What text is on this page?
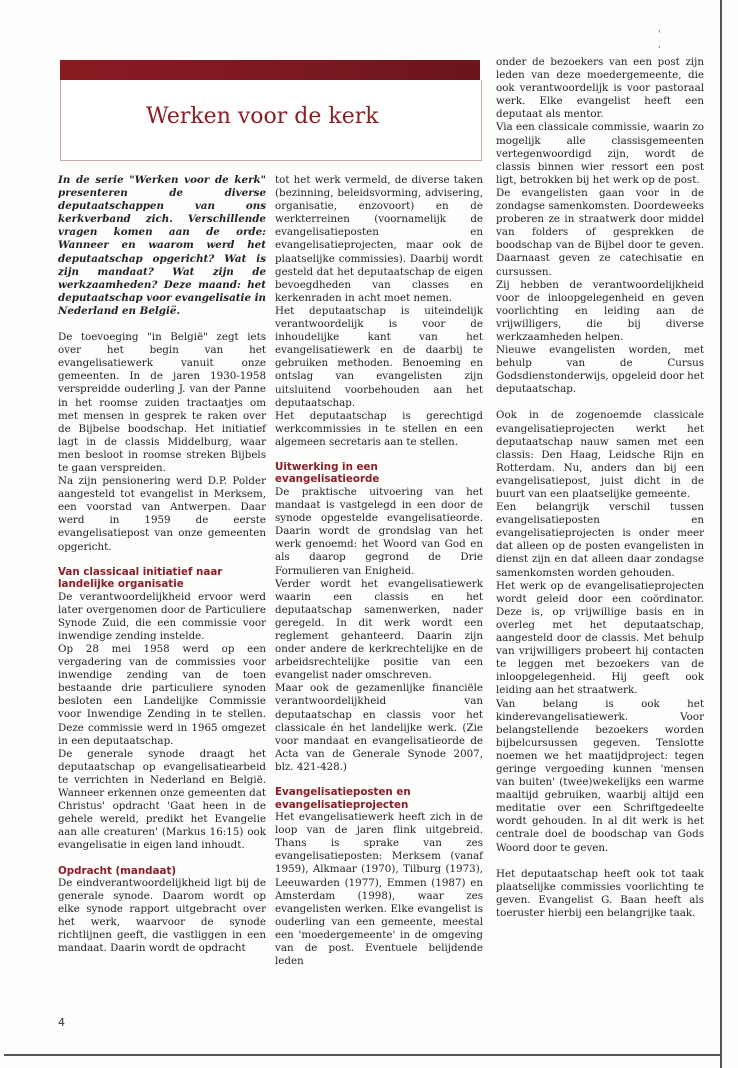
' ,
Werken voor de kerk

In de serie "Werken voor de kerk" presenteren de diverse deputaatschappen van ons kerkverband zich. Verschillende vragen komen aan de orde: Wanneer en waarom werd het deputaatschap opgericht? Wat is zijn mandaat? Wat zijn de werkzaamheden? Deze maand: het deputaatschap voor evangelisatie in Nederland en België.

De toevoeging "in België" zegt iets over het begin van het evangelisatiewerk vanuit onze gemeenten. In de jaren 1930-1958 verspreidde ouderling J. van der Panne in het roomse zuiden tractaatjes om met mensen in gesprek te raken over de Bijbelse boodschap. Het initiatief lagt in de classis Middelburg, waar men besloot in roomse streken Bijbels te gaan verspreiden.

Na zijn pensionering werd D.P. Polder aangesteld tot evangelist in Merksem, een voorstad van Antwerpen. Daar werd in 1959 de eerste evangelisatiepost van onze gemeenten opgericht.

Van classicaal initiatief naar landelijke organisatie

De verantwoordelijkheid ervoor werd later overgenomen door de Particuliere Synode Zuid, die een commissie voor inwendige zending instelde.

Op 28 mei 1958 werd op een vergadering van de commissies voor inwendige zending van de toen bestaande drie particuliere synoden besloten een Landelijke Commissie voor Inwendige Zending in te stellen. Deze commissie werd in 1965 omgezet in een deputaatschap.

De generale synode draagt het deputaatschap op evangelisatiearbeid te verrichten in Nederland en België. Wanneer erkennen onze gemeenten dat Christus' opdracht 'Gaat heen in de gehele wereld, predikt het Evangelie aan alle creaturen' (Markus 16:15) ook evangelisatie in eigen land inhoudt.

Opdracht (mandaat)

De eindverantwoordelijkheid ligt bij de generale synode. Daarom wordt op elke synode rapport uitgebracht over het werk, waarvoor de synode richtlijnen geeft, die vastliggen in een mandaat. Daarin wordt de opdracht

tot het werk vermeld, de diverse taken (bezinning, beleidsvorming, advisering, organisatie, enzovoort) en de werkterreinen (voornamelijk de evangelisatieposten en evangelisatieprojecten, maar ook de plaatselijke commissies). Daarbij wordt gesteld dat het deputaatschap de eigen bevoegdheden van classes en kerkenraden in acht moet nemen.

Het deputaatschap is uiteindelijk verantwoordelijk is voor de inhoudelijke kant van het evangelisatiewerk en de daarbij te gebruiken methoden. Benoeming en ontslag van evangelisten zijn uitsluitend voorbehouden aan het deputaatschap.

Het deputaatschap is gerechtigd werkcommissies in te stellen en een algemeen secretaris aan te stellen.

Uitwerking in een evangelisatieorde

De praktische uitvoering van het mandaat is vastgelegd in een door de synode opgestelde evangelisatieorde. Daarin wordt de grondslag van het werk genoemd: het Woord van God en als daarop gegrond de Drie Formulieren van Enigheid.

Verder wordt het evangelisatiewerk waarin een classis en het deputaatschap samenwerken, nader geregeld. In dit werk wordt een reglement gehanteerd. Daarin zijn onder andere de kerkrechtelijke en de arbeidsrechtelijke positie van een evangelist nader omschreven.

Maar ook de gezamenlijke financiële verantwoordelijkheid van deputaatschap en classis voor het classicale én het landelijke werk. (Zie voor mandaat en evangelisatieorde de Acta van de Generale Synode 2007, blz. 421-428.)

Evangelisatieposten en evangelisatieprojecten

Het evangelisatiewerk heeft zich in de loop van de jaren flink uitgebreid. Thans is sprake van zes evangelisatieposten: Merksem (vanaf 1959), Alkmaar (1970), Tilburg (1973), Leeuwarden (1977), Emmen (1987) en Amsterdam (1998), waar zes evangelisten werken. Elke evangelist is ouderling van een gemeente, meestal een 'moedergemeente' in de omgeving van de post. Eventuele belijdende leden

onder de bezoekers van een post zijn leden van deze moedergemeente, die ook verantwoordelijk is voor pastoraal werk. Elke evangelist heeft een deputaat als mentor.

Via een classicale commissie, waarin zo mogelijk alle classisgemeenten vertegenwoordigd zijn, wordt de classis binnen wier ressort een post ligt, betrokken bij het werk op de post.

De evangelisten gaan voor in de zondagse samenkomsten. Doordeweeks proberen ze in straatwerk door middel van folders of gesprekken de boodschap van de Bijbel door te geven. Daarnaast geven ze catechisatie en cursussen.

Zij hebben de verantwoordelijkheid voor de inloopgelegenheid en geven voorlichting en leiding aan de vrijwilligers, die bij diverse werkzaamheden helpen.

Nieuwe evangelisten worden, met behulp van de Cursus Godsdienstonderwijs, opgeleid door het deputaatschap.

Ook in de zogenoemde classicale evangelisatieprojecten werkt het deputaatschap nauw samen met een classis: Den Haag, Leidsche Rijn en Rotterdam. Nu, anders dan bij een evangelisatiepost, juist dicht in de buurt van een plaatselijke gemeente.

Een belangrijk verschil tussen evangelisatieposten en evangelisatieprojecten is onder meer dat alleen op de posten evangelisten in dienst zijn en dat alleen daar zondagse samenkomsten worden gehouden.

Het werk op de evangelisatieprojecten wordt geleid door een coördinator. Deze is, op vrijwillige basis en in overleg met het deputaatschap, aangesteld door de classis. Met behulp van vrijwilligers probeert hij contacten te leggen met bezoekers van de inloopgelegenheid. Hij geeft ook leiding aan het straatwerk.

Van belang is ook het kinderevangelisatiewerk. Voor belangstellende bezoekers worden bijbelcursussen gegeven. Tenslotte noemen we het maatijdproject: tegen geringe vergoeding kunnen 'mensen van buiten' (twee)wekelijks een warme maaltijd gebruiken, waarbij altijd een meditatie over een Schriftgedeelte wordt gehouden. In al dit werk is het centrale doel de boodschap van Gods Woord door te geven.

Het deputaatschap heeft ook tot taak plaatselijke commissies voorlichting te geven. Evangelist G. Baan heeft als toeruster hierbij een belangrijke taak.

4
